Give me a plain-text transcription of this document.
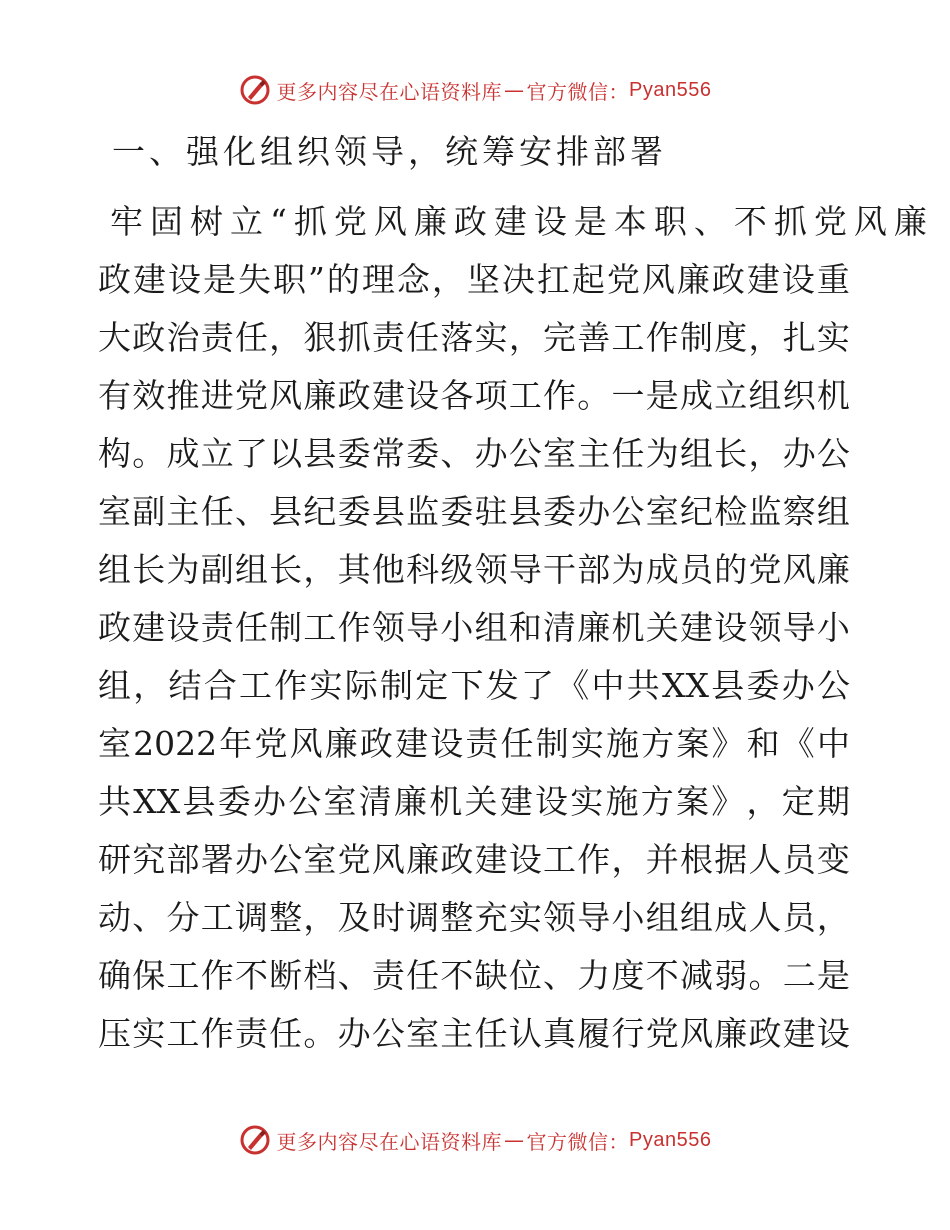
更多内容尽在心语资料库 — 官方微信： Pyan556
一、强化组织领导，统筹安排部署
牢固树立“抓党风廉政建设是本职、不抓党风廉
政 建 设 是 失 职 ” 的 理 念 ， 坚 决 扛 起 党 风 廉 政 建 设 重
大 政 治 责 任 ， 狠 抓 责 任 落 实 ， 完 善 工 作 制 度 ， 扎 实
有 效 推 进 党 风 廉 政 建 设 各 项 工 作 。 一 是 成 立 组 织 机
构 。 成 立 了 以 县 委 常 委 、 办 公 室 主 任 为 组 长 ， 办 公
室 副 主 任 、 县 纪 委 县 监 委 驻 县 委 办 公 室 纪 检 监 察 组
组 长 为 副 组 长 ， 其 他 科 级 领 导 干 部 为 成 员 的 党 风 廉
政 建 设 责 任 制 工 作 领 导 小 组 和 清 廉 机 关 建 设 领 导 小
组 ， 结 合 工 作 实 际 制 定 下 发 了 《 中 共 XX 县 委 办 公
室 2022 年 党 风 廉 政 建 设 责 任 制 实 施 方 案 》 和 《 中
共 XX 县 委 办 公 室 清 廉 机 关 建 设 实 施 方 案 》 ， 定 期
研 究 部 署 办 公 室 党 风 廉 政 建 设 工 作 ， 并 根 据 人 员 变
动 、 分 工 调 整 ， 及 时 调 整 充 实 领 导 小 组 组 成 人 员 ，
确 保 工 作 不 断 档 、 责 任 不 缺 位 、 力 度 不 减 弱 。 二 是
压 实 工 作 责 任 。 办 公 室 主 任 认 真 履 行 党 风 廉 政 建 设
更多内容尽在心语资料库 — 官方微信： Pyan556
